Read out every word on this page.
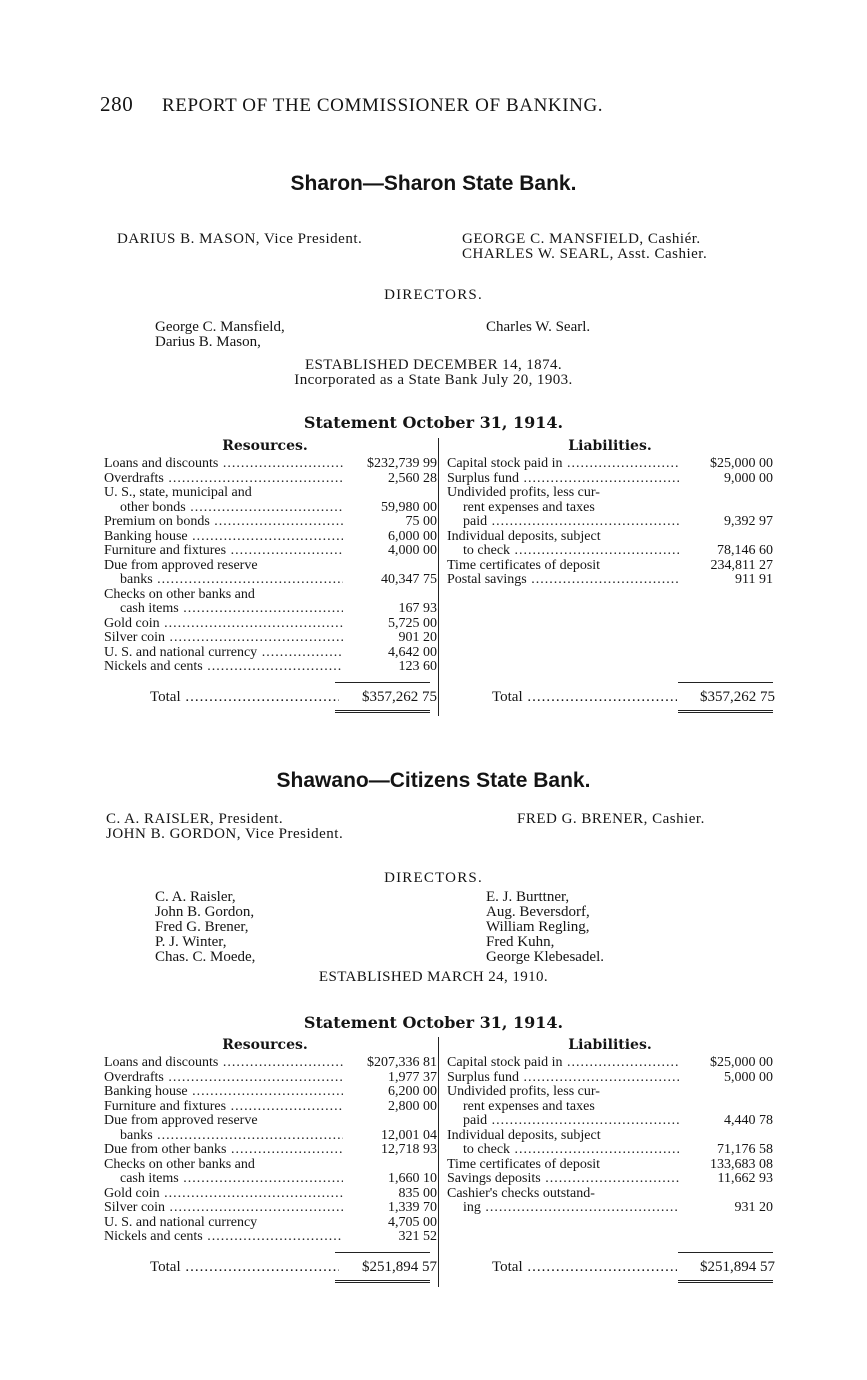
280 REPORT OF THE COMMISSIONER OF BANKING.
Sharon—Sharon State Bank.
DARIUS B. MASON, Vice President.	GEORGE C. MANSFIELD, Cashiér.
CHARLES W. SEARL, Asst. Cashier.
DIRECTORS.
George C. Mansfield,
Darius B. Mason,
Charles W. Searl.
ESTABLISHED DECEMBER 14, 1874.
Incorporated as a State Bank July 20, 1903.
Statement October 31, 1914.
Resources.	Liabilities.
Loans and discounts .....	$232,739 99
Overdrafts .....	2,560 28
U. S., state, municipal and
other bonds .....	59,980 00
Premium on bonds .....	75 00
Banking house .....	6,000 00
Furniture and fixtures .....	4,000 00
Due from approved reserve
banks .....	40,347 75
Checks on other banks and
cash items .....	167 93
Gold coin .....	5,725 00
Silver coin .....	901 20
U. S. and national currency .....	4,642 00
Nickels and cents .....	123 60
Capital stock paid in .....	$25,000 00
Surplus fund .....	9,000 00
Undivided profits, less cur-
rent expenses and taxes
paid .....	9,392 97
Individual deposits, subject
to check .....	78,146 60
Time certificates of deposit	234,811 27
Postal savings .....	911 91
Total .....	$357,262 75	Total .....	$357,262 75
Shawano—Citizens State Bank.
C. A. RAISLER, President.
JOHN B. GORDON, Vice President.
FRED G. BRENER, Cashier.
DIRECTORS.
C. A. Raisler,
John B. Gordon,
Fred G. Brener,
P. J. Winter,
Chas. C. Moede,
E. J. Burttner,
Aug. Beversdorf,
William Regling,
Fred Kuhn,
George Klebesadel.
ESTABLISHED MARCH 24, 1910.
Statement October 31, 1914.
Resources.	Liabilities.
Loans and discounts .....	$207,336 81
Overdrafts .....	1,977 37
Banking house .....	6,200 00
Furniture and fixtures .....	2,800 00
Due from approved reserve
banks .....	12,001 04
Due from other banks .....	12,718 93
Checks on other banks and
cash items .....	1,660 10
Gold coin .....	835 00
Silver coin .....	1,339 70
U. S. and national currency	4,705 00
Nickels and cents .....	321 52
Capital stock paid in .....	$25,000 00
Surplus fund .....	5,000 00
Undivided profits, less cur-
rent expenses and taxes
paid .....	4,440 78
Individual deposits, subject
to check .....	71,176 58
Time certificates of deposit	133,683 08
Savings deposits .....	11,662 93
Cashier's checks outstand-
ing .....	931 20
Total .....	$251,894 57	Total .....	$251,894 57
